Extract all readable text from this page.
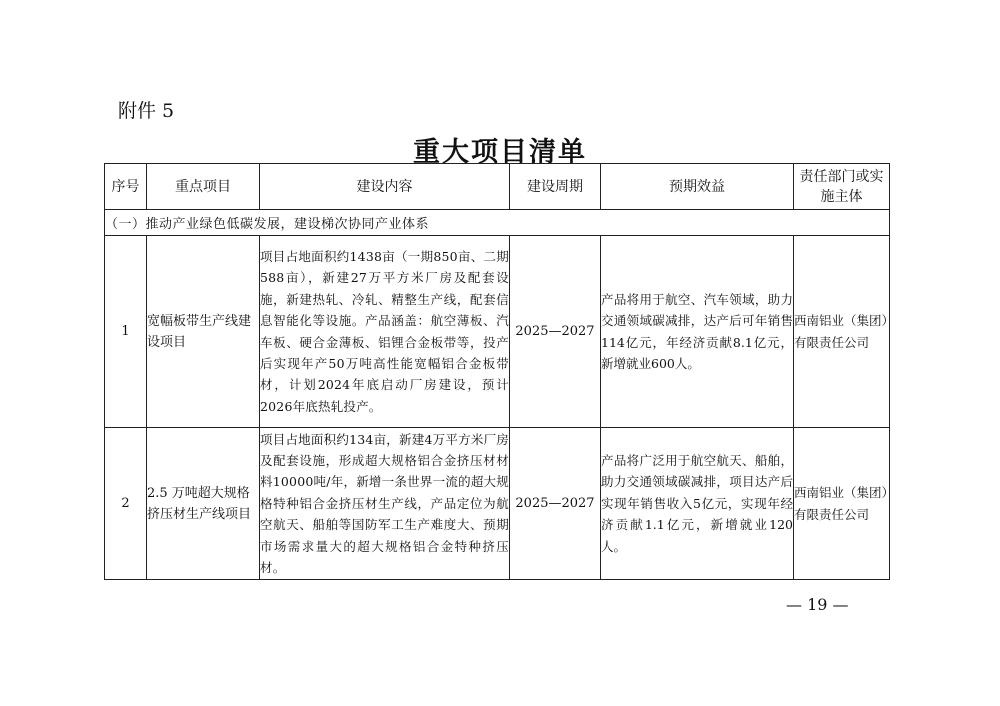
附件 5
重大项目清单
序号	重点项目	建设内容	建设周期	预期效益	责任部门或实施主体
（一）推动产业绿色低碳发展，建设梯次协同产业体系					
1	宽幅板带生产线建设项目	项目占地面积约1438亩（一期850亩、二期588亩），新建27万平方米厂房及配套设施，新建热轧、冷轧、精整生产线，配套信息智能化等设施。产品涵盖：航空薄板、汽车板、硬合金薄板、铝锂合金板带等，投产后实现年产50万吨高性能宽幅铝合金板带材，计划2024年底启动厂房建设，预计2026年底热轧投产。	2025—2027	产品将用于航空、汽车领域，助力交通领域碳减排，达产后可年销售114亿元，年经济贡献8.1亿元，新增就业600人。	西南铝业（集团）有限责任公司
2	2.5 万吨超大规格挤压材生产线项目	项目占地面积约134亩，新建4万平方米厂房及配套设施，形成超大规格铝合金挤压材材料10000吨/年，新增一条世界一流的超大规格特种铝合金挤压材生产线，产品定位为航空航天、船舶等国防军工生产难度大、预期市场需求量大的超大规格铝合金特种挤压材。	2025—2027	产品将广泛用于航空航天、船舶，助力交通领域碳减排，项目达产后实现年销售收入5亿元，实现年经济贡献1.1亿元，新增就业120人。	西南铝业（集团）有限责任公司
— 19 —
